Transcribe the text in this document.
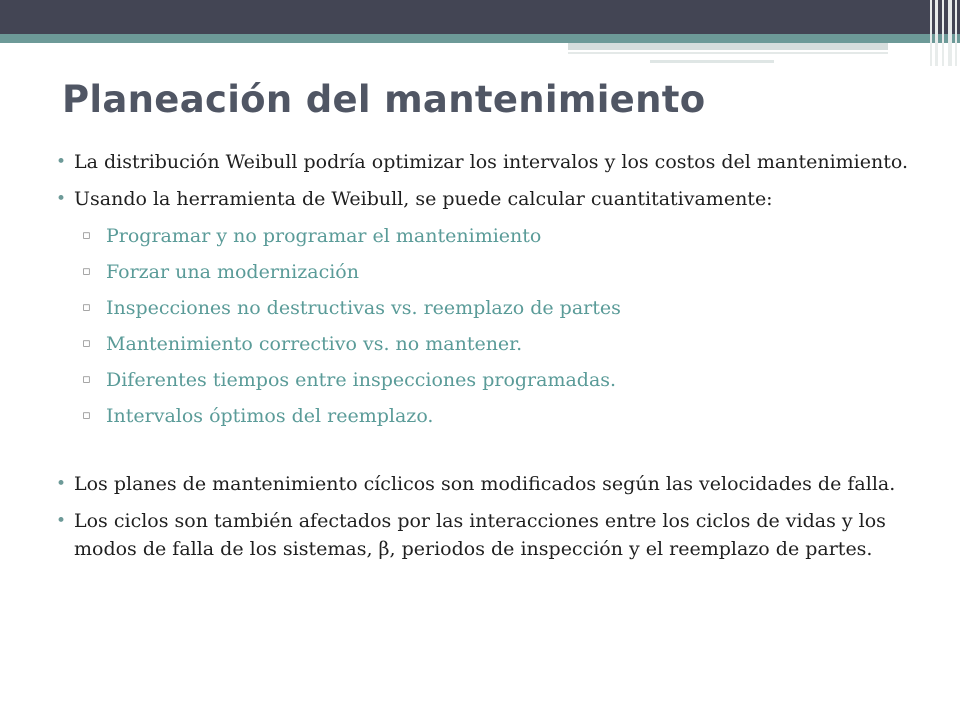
Planeación del mantenimiento

• La distribución Weibull podría optimizar los intervalos y los costos del mantenimiento.

• Usando la herramienta de Weibull, se puede calcular cuantitativamente:

▫ Programar y no programar el mantenimiento

▫ Forzar una modernización

▫ Inspecciones no destructivas vs. reemplazo de partes

▫ Mantenimiento correctivo vs. no mantener.

▫ Diferentes tiempos entre inspecciones programadas.

▫ Intervalos óptimos del reemplazo.

• Los planes de mantenimiento cíclicos son modificados según las velocidades de falla.

• Los ciclos son también afectados por las interacciones entre los ciclos de vidas y los modos de falla de los sistemas, β, periodos de inspección y el reemplazo de partes.
